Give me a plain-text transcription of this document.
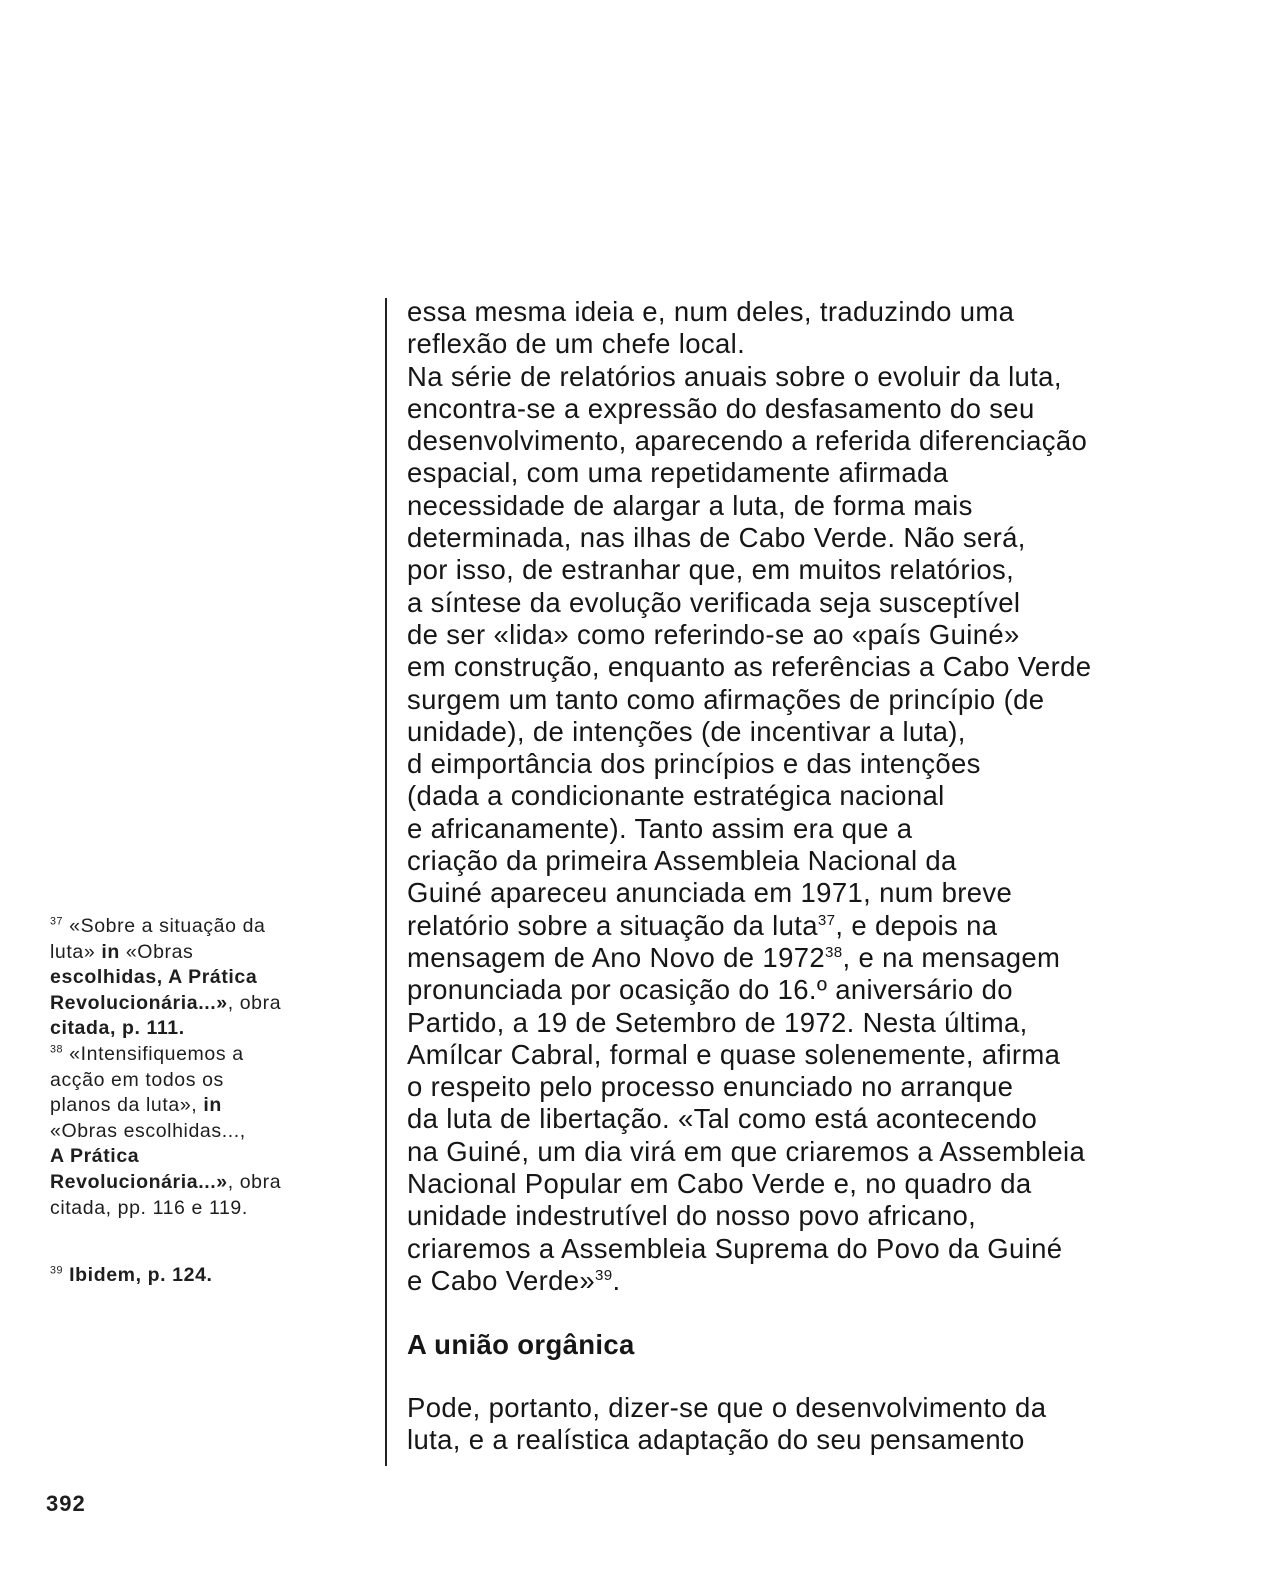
essa mesma ideia e, num deles, traduzindo uma
reflexão de um chefe local.
Na série de relatórios anuais sobre o evoluir da luta,
encontra-se a expressão do desfasamento do seu
desenvolvimento, aparecendo a referida diferenciação
espacial, com uma repetidamente afirmada
necessidade de alargar a luta, de forma mais
determinada, nas ilhas de Cabo Verde. Não será,
por isso, de estranhar que, em muitos relatórios,
a síntese da evolução verificada seja susceptível
de ser «lida» como referindo-se ao «país Guiné»
em construção, enquanto as referências a Cabo Verde
surgem um tanto como afirmações de princípio (de
unidade), de intenções (de incentivar a luta),
d eimportância dos princípios e das intenções
(dada a condicionante estratégica nacional
e africanamente). Tanto assim era que a
criação da primeira Assembleia Nacional da
Guiné apareceu anunciada em 1971, num breve
relatório sobre a situação da luta$^{37}$, e depois na
mensagem de Ano Novo de 1972$^{38}$, e na mensagem
pronunciada por ocasição do 16.º aniversário do
Partido, a 19 de Setembro de 1972. Nesta última,
Amílcar Cabral, formal e quase solenemente, afirma
o respeito pelo processo enunciado no arranque
da luta de libertação. «Tal como está acontecendo
na Guiné, um dia virá em que criaremos a Assembleia
Nacional Popular em Cabo Verde e, no quadro da
unidade indestrutível do nosso povo africano,
criaremos a Assembleia Suprema do Povo da Guiné
e Cabo Verde»$^{39}$.
A união orgânica
Pode, portanto, dizer-se que o desenvolvimento da
luta, e a realística adaptação do seu pensamento
$^{37}$ «Sobre a situação da
luta» in «Obras
escolhidas, A Prática
Revolucionária...», obra
citada, p. 111.
$^{38}$ «Intensifiquemos a
acção em todos os
planos da luta», in
«Obras escolhidas...,
A Prática
Revolucionária...», obra
citada, pp. 116 e 119.
$^{39}$ Ibidem, p. 124.
392
